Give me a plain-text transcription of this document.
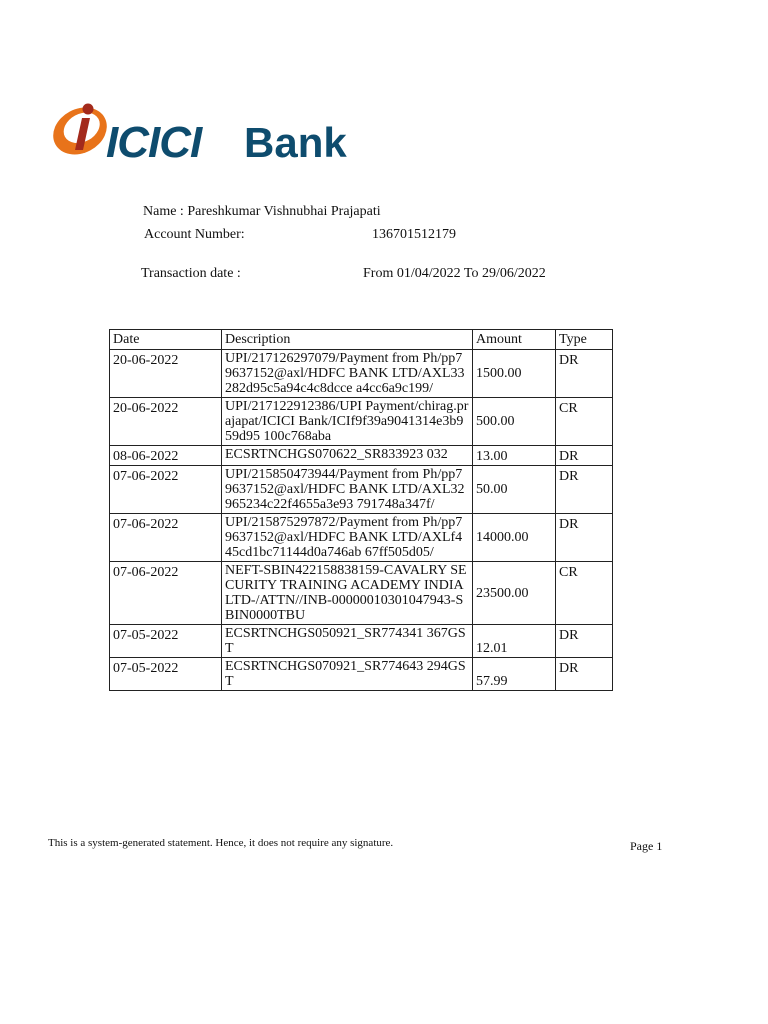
ICICI Bank
Name : Pareshkumar Vishnubhai Prajapati
Account Number:	136701512179
Transaction date :	From 01/04/2022 To 29/06/2022
Date	Description	Amount	Type
20-06-2022	UPI/217126297079/Payment from Ph/pp79637152@axl/HDFC BANK LTD/AXL33282d95c5a94c4c8dcce a4cc6a9c199/	1500.00	DR
20-06-2022	UPI/217122912386/UPI Payment/chirag.prajapat/ICICI Bank/ICIf9f39a9041314e3b959d95 100c768aba	500.00	CR
08-06-2022	ECSRTNCHGS070622_SR833923 032	13.00	DR
07-06-2022	UPI/215850473944/Payment from Ph/pp79637152@axl/HDFC BANK LTD/AXL32965234c22f4655a3e93 791748a347f/	50.00	DR
07-06-2022	UPI/215875297872/Payment from Ph/pp79637152@axl/HDFC BANK LTD/AXLf445cd1bc71144d0a746ab 67ff505d05/	14000.00	DR
07-06-2022	NEFT-SBIN422158838159-CAVALRY SECURITY TRAINING ACADEMY INDIA LTD-/ATTN//INB-00000010301047943-SBIN0000TBU	23500.00	CR
07-05-2022	ECSRTNCHGS050921_SR774341 367GST	12.01	DR
07-05-2022	ECSRTNCHGS070921_SR774643 294GST	57.99	DR
This is a system-generated statement. Hence, it does not require any signature.	Page 1
